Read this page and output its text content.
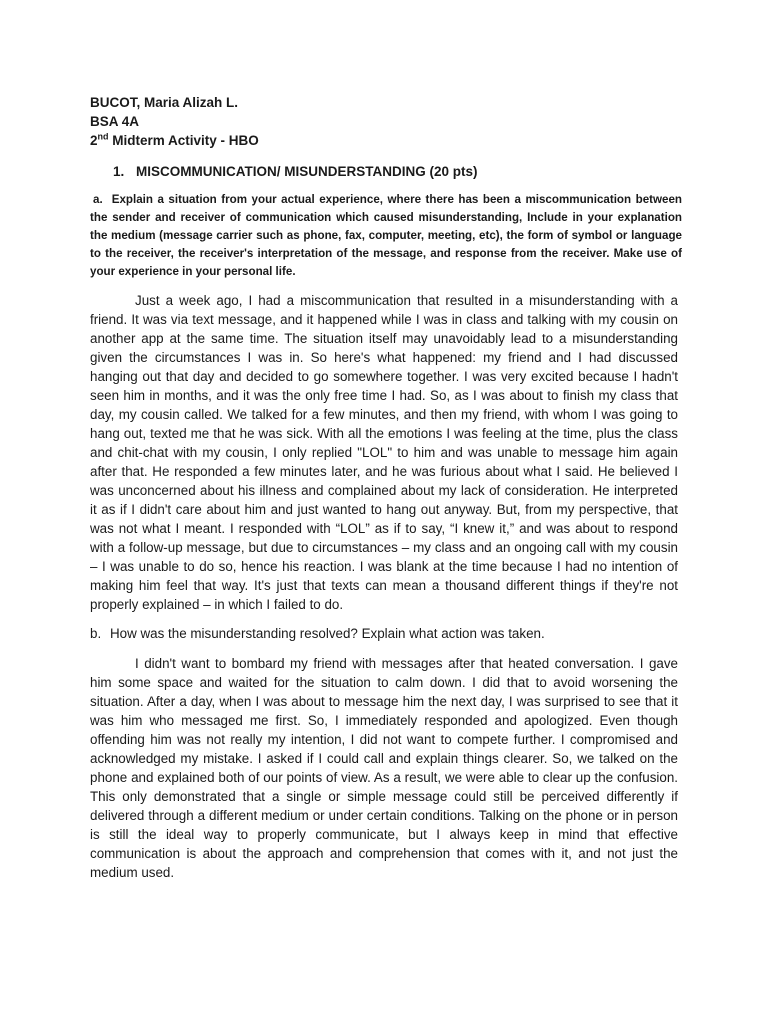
BUCOT, Maria Alizah L.
BSA 4A
2nd Midterm Activity - HBO
1. MISCOMMUNICATION/ MISUNDERSTANDING (20 pts)
a. Explain a situation from your actual experience, where there has been a miscommunication between the sender and receiver of communication which caused misunderstanding, Include in your explanation the medium (message carrier such as phone, fax, computer, meeting, etc), the form of symbol or language to the receiver, the receiver's interpretation of the message, and response from the receiver. Make use of your experience in your personal life.
Just a week ago, I had a miscommunication that resulted in a misunderstanding with a friend. It was via text message, and it happened while I was in class and talking with my cousin on another app at the same time. The situation itself may unavoidably lead to a misunderstanding given the circumstances I was in. So here's what happened: my friend and I had discussed hanging out that day and decided to go somewhere together. I was very excited because I hadn't seen him in months, and it was the only free time I had. So, as I was about to finish my class that day, my cousin called. We talked for a few minutes, and then my friend, with whom I was going to hang out, texted me that he was sick. With all the emotions I was feeling at the time, plus the class and chit-chat with my cousin, I only replied "LOL" to him and was unable to message him again after that. He responded a few minutes later, and he was furious about what I said. He believed I was unconcerned about his illness and complained about my lack of consideration. He interpreted it as if I didn't care about him and just wanted to hang out anyway. But, from my perspective, that was not what I meant. I responded with “LOL” as if to say, “I knew it,” and was about to respond with a follow-up message, but due to circumstances – my class and an ongoing call with my cousin – I was unable to do so, hence his reaction. I was blank at the time because I had no intention of making him feel that way. It's just that texts can mean a thousand different things if they're not properly explained – in which I failed to do.
b. How was the misunderstanding resolved? Explain what action was taken.
I didn't want to bombard my friend with messages after that heated conversation. I gave him some space and waited for the situation to calm down. I did that to avoid worsening the situation. After a day, when I was about to message him the next day, I was surprised to see that it was him who messaged me first. So, I immediately responded and apologized. Even though offending him was not really my intention, I did not want to compete further. I compromised and acknowledged my mistake. I asked if I could call and explain things clearer. So, we talked on the phone and explained both of our points of view. As a result, we were able to clear up the confusion. This only demonstrated that a single or simple message could still be perceived differently if delivered through a different medium or under certain conditions. Talking on the phone or in person is still the ideal way to properly communicate, but I always keep in mind that effective communication is about the approach and comprehension that comes with it, and not just the medium used.
